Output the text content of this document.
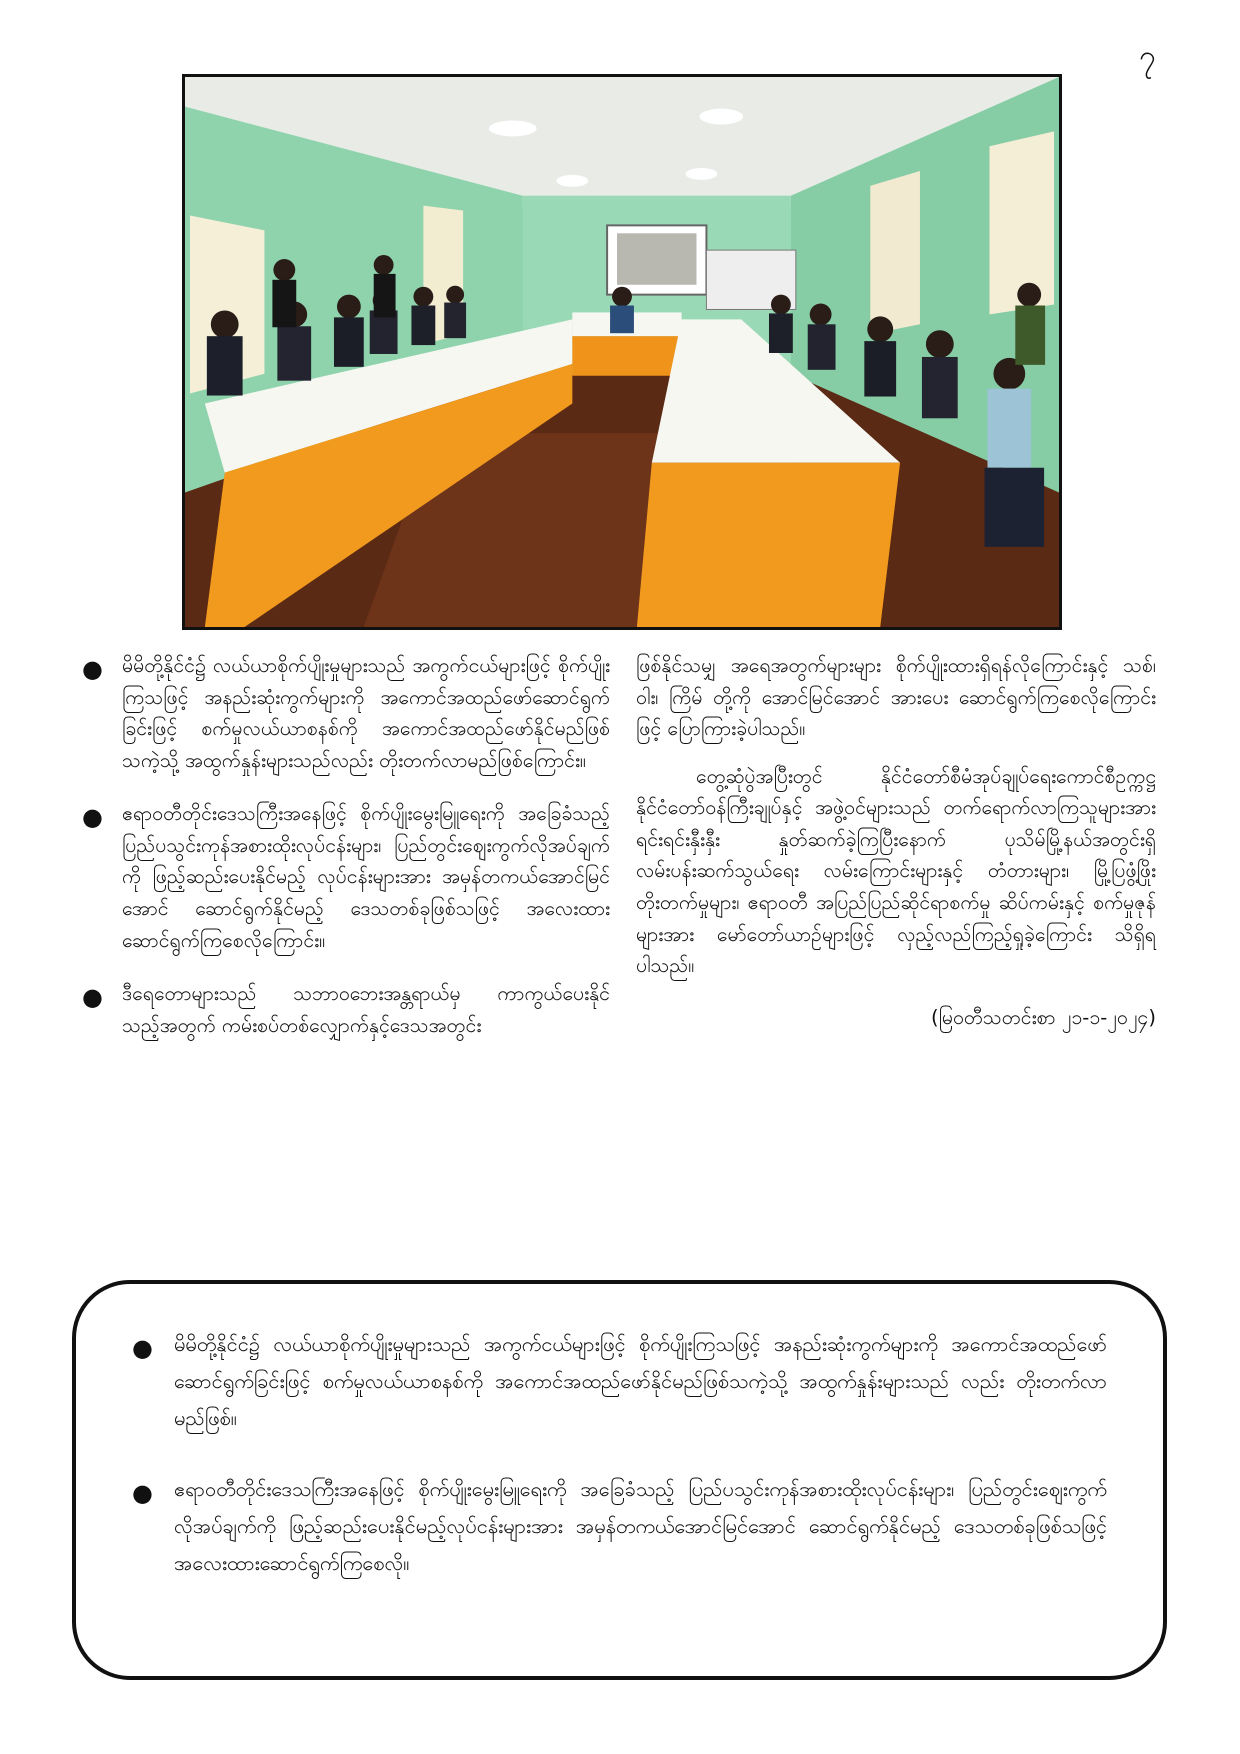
၇
● မိမိတို့နိုင်ငံ၌ လယ်ယာစိုက်ပျိုးမှုများသည် အကွက်ငယ်များဖြင့် စိုက်ပျိုးကြသဖြင့် အနည်းဆုံးကွက်များကို အကောင်အထည်ဖော်ဆောင်ရွက်ခြင်းဖြင့် စက်မှုလယ်ယာစနစ်ကို အကောင်အထည်ဖော်နိုင်မည်ဖြစ်သကဲ့သို့ အထွက်နှုန်းများသည်လည်း တိုးတက်လာမည်ဖြစ်ကြောင်း။
● ဧရာဝတီတိုင်းဒေသကြီးအနေဖြင့် စိုက်ပျိုးမွေးမြူရေးကို အခြေခံသည့် ပြည်ပသွင်းကုန်အစားထိုးလုပ်ငန်းများ၊ ပြည်တွင်းဈေးကွက်လိုအပ်ချက်ကို ဖြည့်ဆည်းပေးနိုင်မည့် လုပ်ငန်းများအား အမှန်တကယ်အောင်မြင်အောင် ဆောင်ရွက်နိုင်မည့် ဒေသတစ်ခုဖြစ်သဖြင့် အလေးထားဆောင်ရွက်ကြစေလိုကြောင်း။
● ဒီရေတောများသည် သဘာဝဘေးအန္တရာယ်မှ ကာကွယ်ပေးနိုင်သည့်အတွက် ကမ်းစပ်တစ်လျှောက်နှင့်ဒေသအတွင်း

ဖြစ်နိုင်သမျှ အရေအတွက်များများ စိုက်ပျိုးထားရှိရန်လိုကြောင်းနှင့် သစ်၊ ဝါး၊ ကြိမ် တို့ကို အောင်မြင်အောင် အားပေး ဆောင်ရွက်ကြစေလိုကြောင်းဖြင့် ပြောကြားခဲ့ပါသည်။

တွေ့ဆုံပွဲအပြီးတွင် နိုင်ငံတော်စီမံအုပ်ချုပ်ရေးကောင်စီဥက္ကဋ္ဌ နိုင်ငံတော်ဝန်ကြီးချုပ်နှင့် အဖွဲ့ဝင်များသည် တက်ရောက်လာကြသူများအား ရင်းရင်းနှီးနှီး နှုတ်ဆက်ခဲ့ကြပြီးနောက် ပုသိမ်မြို့နယ်အတွင်းရှိ လမ်းပန်းဆက်သွယ်ရေး လမ်းကြောင်းများနှင့် တံတားများ၊ မြို့ပြဖွံ့ဖြိုးတိုးတက်မှုများ၊ ဧရာဝတီ အပြည်ပြည်ဆိုင်ရာစက်မှု ဆိပ်ကမ်းနှင့် စက်မှုဇုန်များအား မော်တော်ယာဉ်များဖြင့် လှည့်လည်ကြည့်ရှုခဲ့ကြောင်း သိရှိရပါသည်။

(မြဝတီသတင်းစာ ၂၁-၁-၂၀၂၄)
● မိမိတို့နိုင်ငံ၌ လယ်ယာစိုက်ပျိုးမှုများသည် အကွက်ငယ်များဖြင့် စိုက်ပျိုးကြသဖြင့် အနည်းဆုံးကွက်များကို အကောင်အထည်ဖော်ဆောင်ရွက်ခြင်းဖြင့် စက်မှုလယ်ယာစနစ်ကို အကောင်အထည်ဖော်နိုင်မည်ဖြစ်သကဲ့သို့ အထွက်နှုန်းများသည် လည်း တိုးတက်လာမည်ဖြစ်။
● ဧရာဝတီတိုင်းဒေသကြီးအနေဖြင့် စိုက်ပျိုးမွေးမြူရေးကို အခြေခံသည့် ပြည်ပသွင်းကုန်အစားထိုးလုပ်ငန်းများ၊ ပြည်တွင်းဈေးကွက်လိုအပ်ချက်ကို ဖြည့်ဆည်းပေးနိုင်မည့်လုပ်ငန်းများအား အမှန်တကယ်အောင်မြင်အောင် ဆောင်ရွက်နိုင်မည့် ဒေသတစ်ခုဖြစ်သဖြင့် အလေးထားဆောင်ရွက်ကြစေလို။
